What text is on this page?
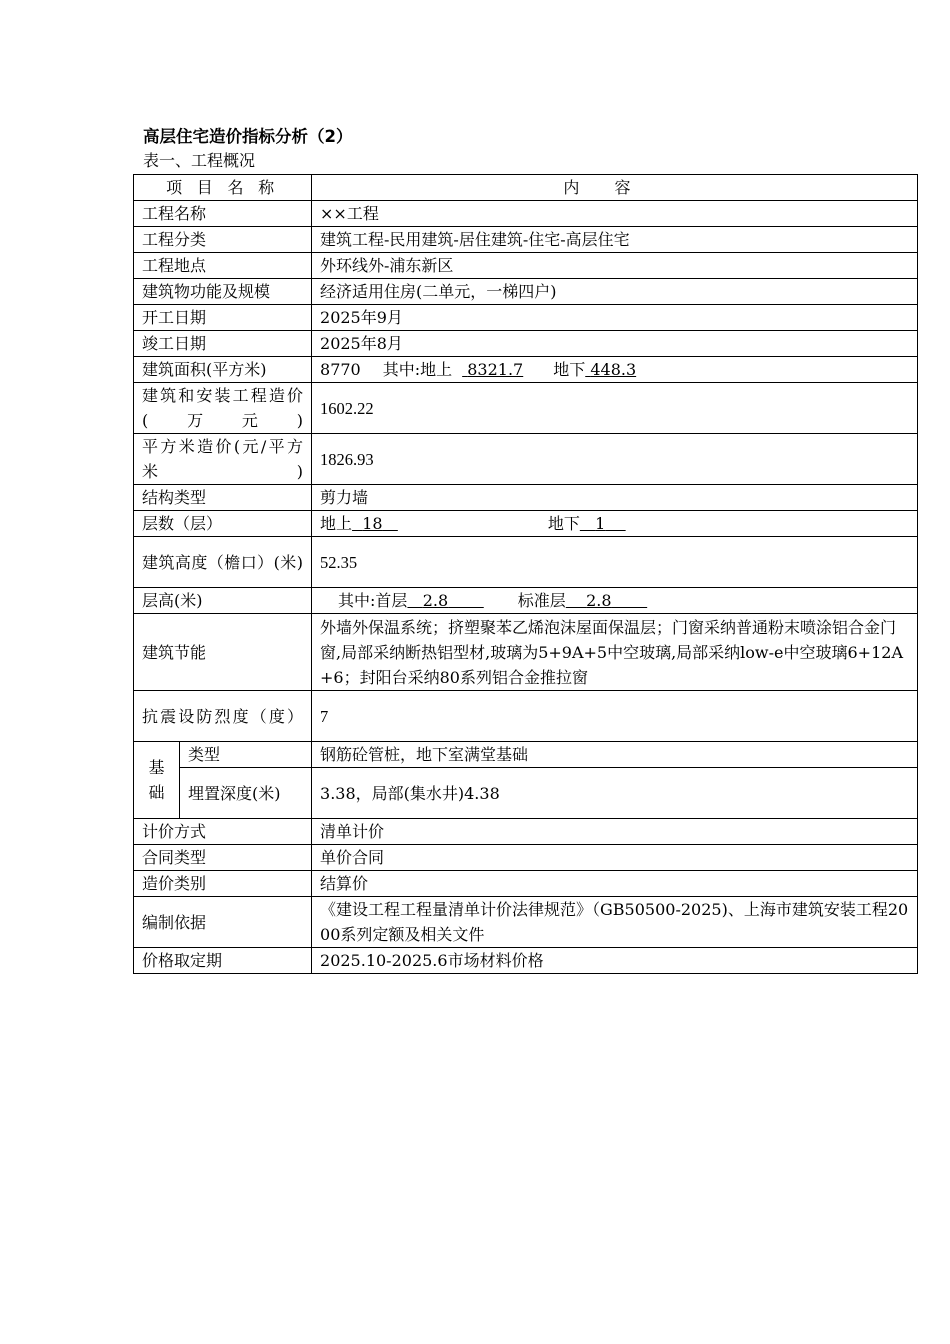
高层住宅造价指标分析（2）
表一、工程概况
项 目 名 称		内容
工程名称		××工程
工程分类		建筑工程-民用建筑-居住建筑-住宅-高层住宅
工程地点		外环线外-浦东新区
建筑物功能及规模		经济适用住房(二单元，一梯四户)
开工日期		2025年9月
竣工日期		2025年8月
建筑面积(平方米)		8770 其中:地上 8321.7 地下 448.3
建筑和安装工程造价(万元)		1602.22
平方米造价(元/平方米)		1826.93
结构类型		剪力墙
层数（层）		地上 18 地下 1
建筑高度（檐口）(米)		52.35
层高(米)		其中:首层 2.8 标准层 2.8
建筑节能		外墙外保温系统；挤塑聚苯乙烯泡沫屋面保温层；门窗采纳普通粉末喷涂铝合金门窗,局部采纳断热铝型材,玻璃为5+9A+5中空玻璃,局部采纳low-e中空玻璃6+12A+6；封阳台采纳80系列铝合金推拉窗
抗震设防烈度（度）		7
基础	类型	钢筋砼管桩，地下室满堂基础
	埋置深度(米)	3.38，局部(集水井)4.38
计价方式		清单计价
合同类型		单价合同
造价类别		结算价
编制依据		《建设工程工程量清单计价法律规范》（GB50500-2025)、上海市建筑安装工程2000系列定额及相关文件
价格取定期		2025.10-2025.6市场材料价格
